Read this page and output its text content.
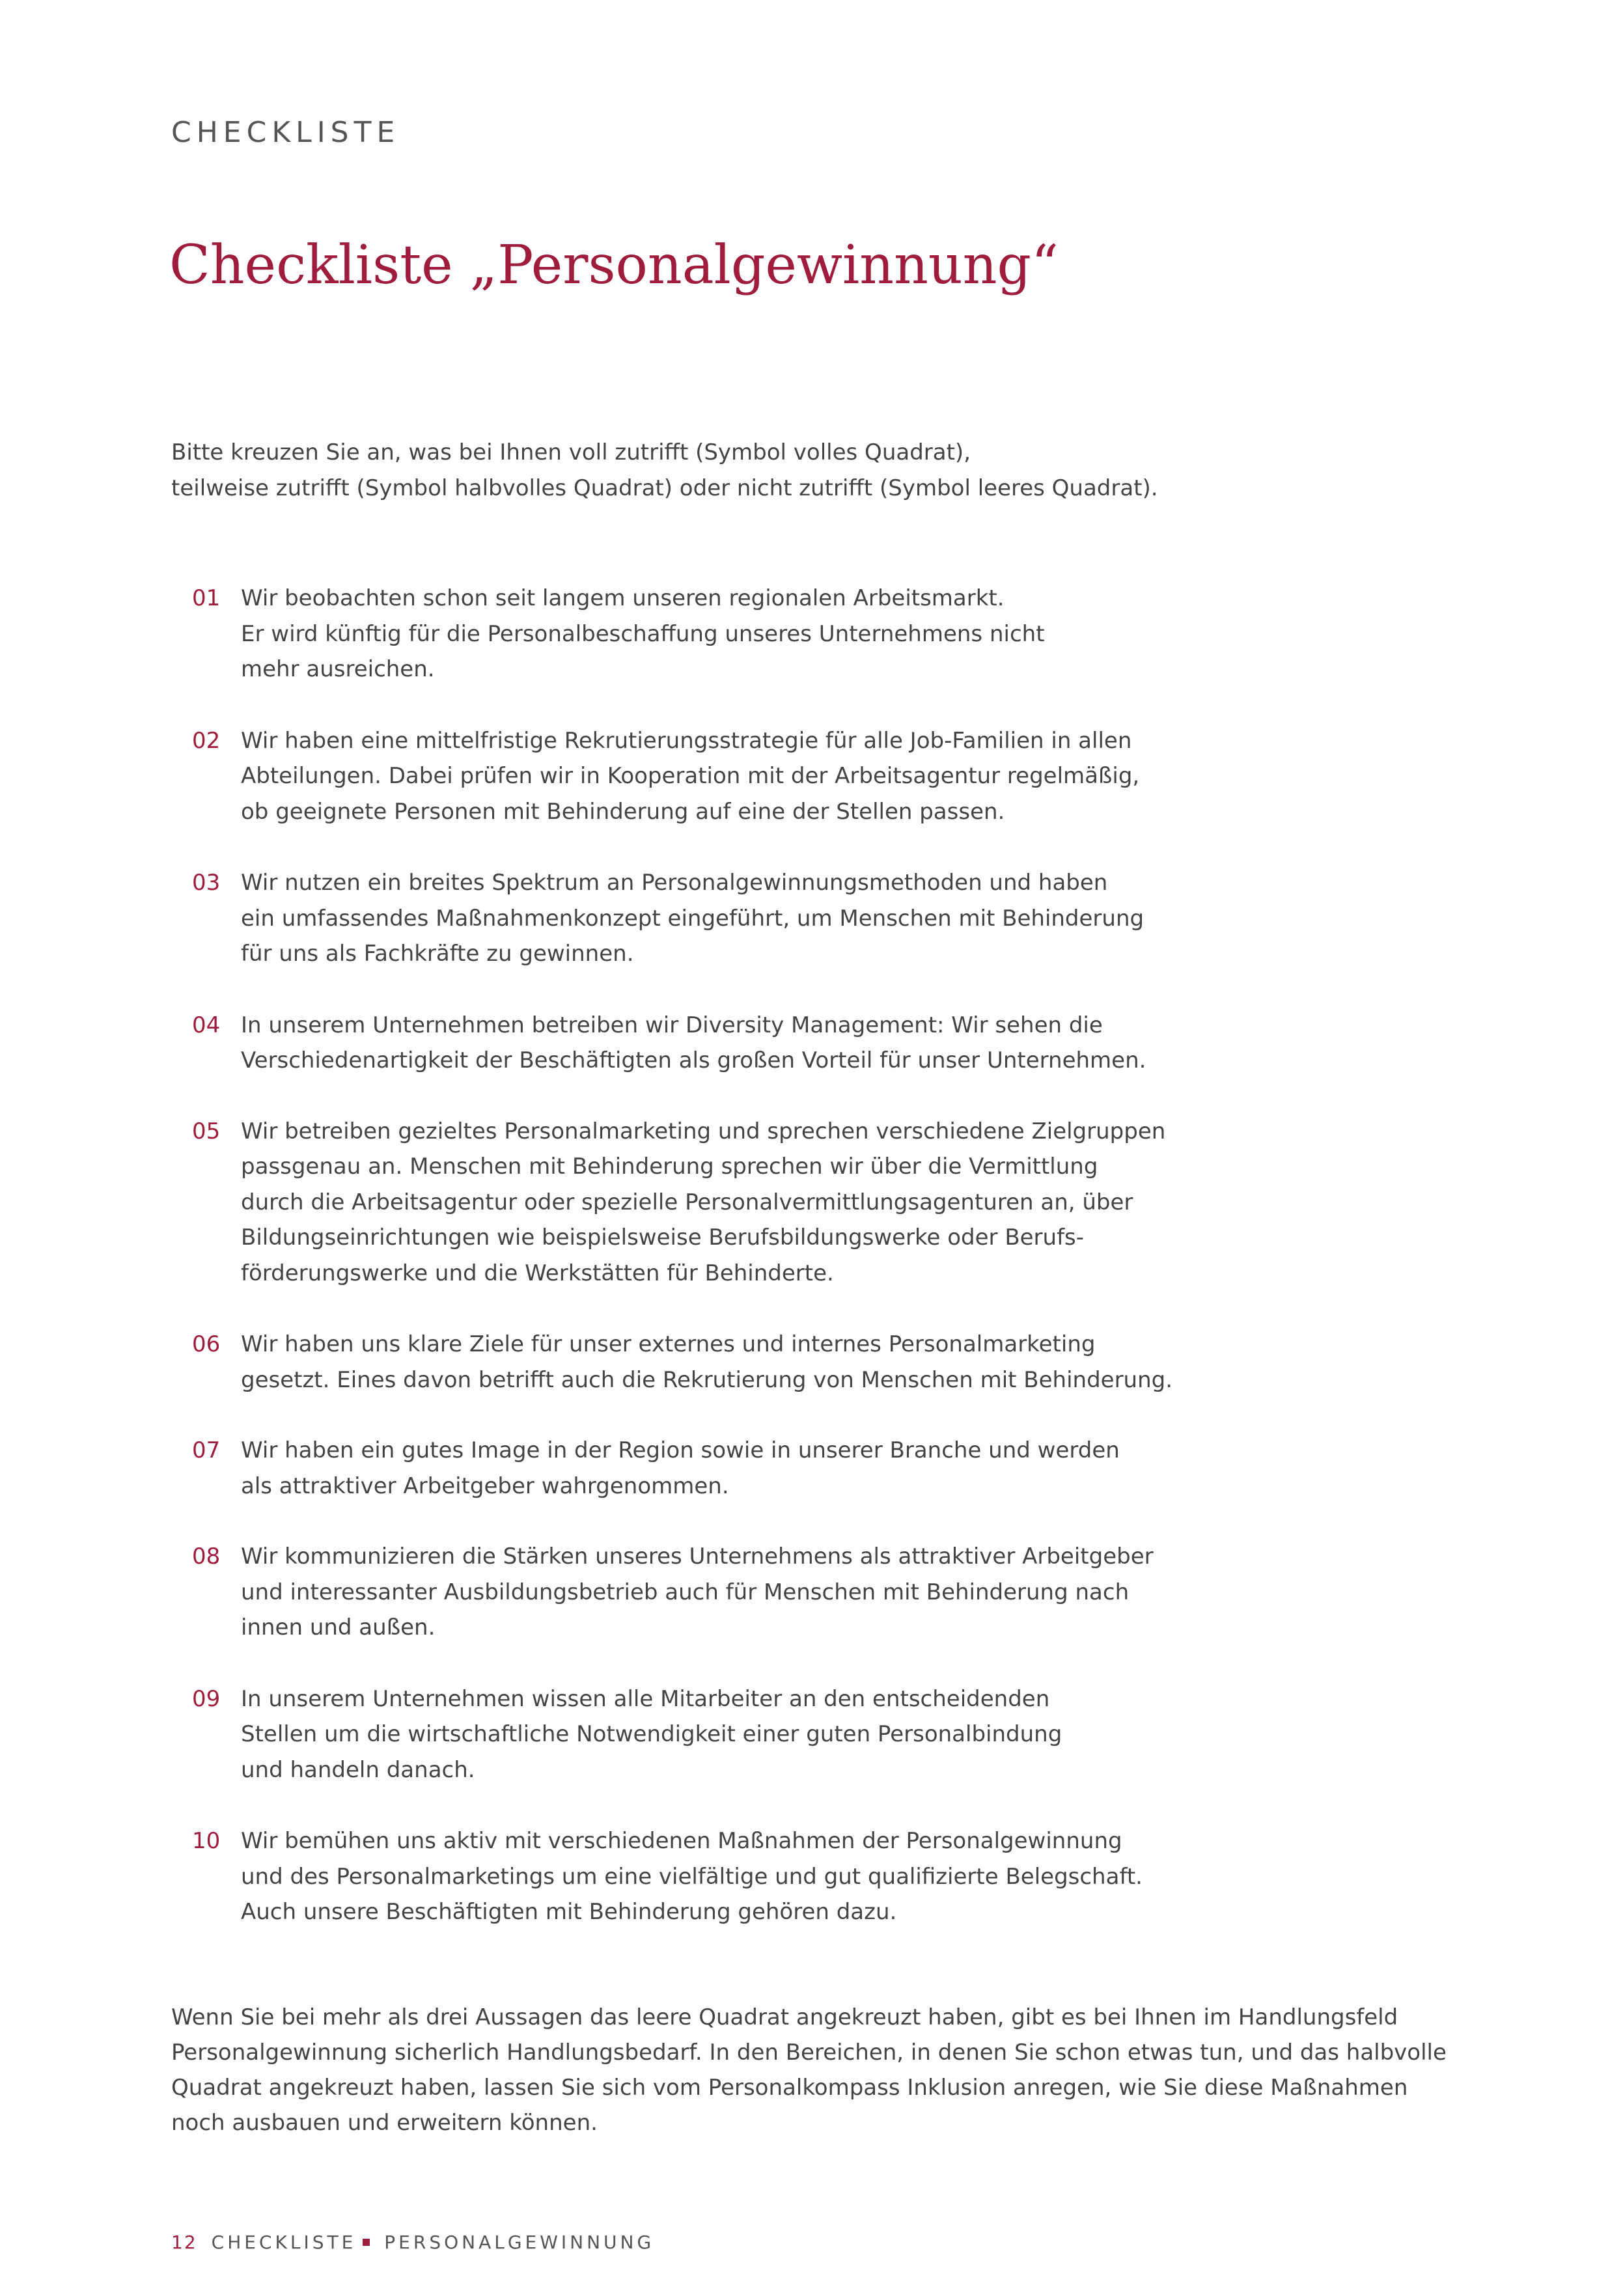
CHECKLISTE
Checkliste „Personalgewinnung“
Bitte kreuzen Sie an, was bei Ihnen voll zutrifft (Symbol volles Quadrat),
teilweise zutrifft (Symbol halbvolles Quadrat) oder nicht zutrifft (Symbol leeres Quadrat).
01 Wir beobachten schon seit langem unseren regionalen Arbeitsmarkt.
Er wird künftig für die Personalbeschaffung unseres Unternehmens nicht
mehr ausreichen.
02 Wir haben eine mittelfristige Rekrutierungsstrategie für alle Job-Familien in allen
Abteilungen. Dabei prüfen wir in Kooperation mit der Arbeitsagentur regelmäßig,
ob geeignete Personen mit Behinderung auf eine der Stellen passen.
03 Wir nutzen ein breites Spektrum an Personalgewinnungsmethoden und haben
ein umfassendes Maßnahmenkonzept eingeführt, um Menschen mit Behinderung
für uns als Fachkräfte zu gewinnen.
04 In unserem Unternehmen betreiben wir Diversity Management: Wir sehen die
Verschiedenartigkeit der Beschäftigten als großen Vorteil für unser Unternehmen.
05 Wir betreiben gezieltes Personalmarketing und sprechen verschiedene Zielgruppen
passgenau an. Menschen mit Behinderung sprechen wir über die Vermittlung
durch die Arbeitsagentur oder spezielle Personalvermittlungsagenturen an, über
Bildungseinrichtungen wie beispielsweise Berufsbildungswerke oder Berufs-
förderungswerke und die Werkstätten für Behinderte.
06 Wir haben uns klare Ziele für unser externes und internes Personalmarketing
gesetzt. Eines davon betrifft auch die Rekrutierung von Menschen mit Behinderung.
07 Wir haben ein gutes Image in der Region sowie in unserer Branche und werden
als attraktiver Arbeitgeber wahrgenommen.
08 Wir kommunizieren die Stärken unseres Unternehmens als attraktiver Arbeitgeber
und interessanter Ausbildungsbetrieb auch für Menschen mit Behinderung nach
innen und außen.
09 In unserem Unternehmen wissen alle Mitarbeiter an den entscheidenden
Stellen um die wirtschaftliche Notwendigkeit einer guten Personalbindung
und handeln danach.
10 Wir bemühen uns aktiv mit verschiedenen Maßnahmen der Personalgewinnung
und des Personalmarketings um eine vielfältige und gut qualifizierte Belegschaft.
Auch unsere Beschäftigten mit Behinderung gehören dazu.
Wenn Sie bei mehr als drei Aussagen das leere Quadrat angekreuzt haben, gibt es bei Ihnen im Handlungsfeld
Personalgewinnung sicherlich Handlungsbedarf. In den Bereichen, in denen Sie schon etwas tun, und das halbvolle
Quadrat angekreuzt haben, lassen Sie sich vom Personalkompass Inklusion anregen, wie Sie diese Maßnahmen
noch ausbauen und erweitern können.
12 CHECKLISTE PERSONALGEWINNUNG
